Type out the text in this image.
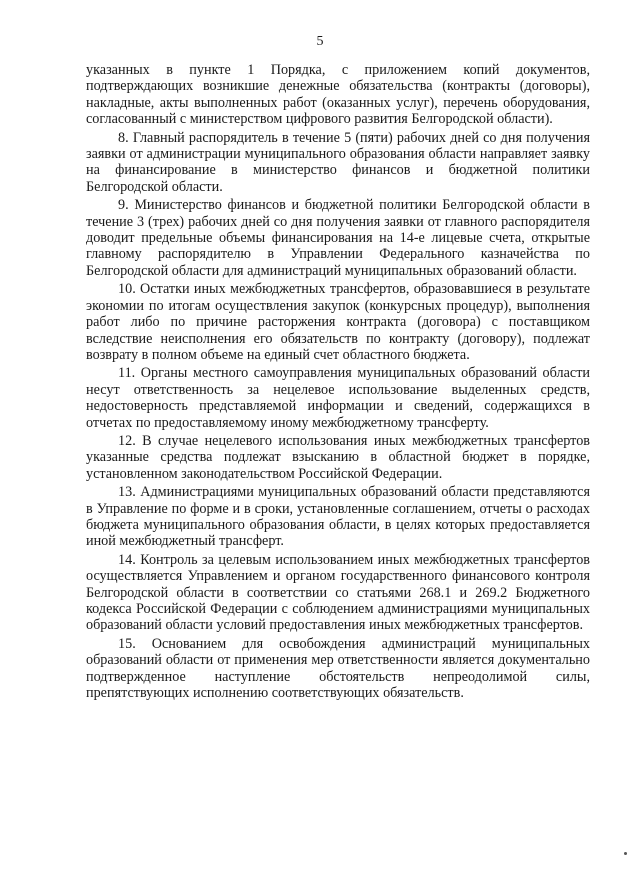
5

указанных в пункте 1 Порядка, с приложением копий документов, подтверждающих возникшие денежные обязательства (контракты (договоры), накладные, акты выполненных работ (оказанных услуг), перечень оборудования, согласованный с министерством цифрового развития Белгородской области).

8. Главный распорядитель в течение 5 (пяти) рабочих дней со дня получения заявки от администрации муниципального образования области направляет заявку на финансирование в министерство финансов и бюджетной политики Белгородской области.

9. Министерство финансов и бюджетной политики Белгородской области в течение 3 (трех) рабочих дней со дня получения заявки от главного распорядителя доводит предельные объемы финансирования на 14-е лицевые счета, открытые главному распорядителю в Управлении Федерального казначейства по Белгородской области для администраций муниципальных образований области.

10. Остатки иных межбюджетных трансфертов, образовавшиеся в результате экономии по итогам осуществления закупок (конкурсных процедур), выполнения работ либо по причине расторжения контракта (договора) с поставщиком вследствие неисполнения его обязательств по контракту (договору), подлежат возврату в полном объеме на единый счет областного бюджета.

11. Органы местного самоуправления муниципальных образований области несут ответственность за нецелевое использование выделенных средств, недостоверность представляемой информации и сведений, содержащихся в отчетах по предоставляемому иному межбюджетному трансферту.

12. В случае нецелевого использования иных межбюджетных трансфертов указанные средства подлежат взысканию в областной бюджет в порядке, установленном законодательством Российской Федерации.

13. Администрациями муниципальных образований области представляются в Управление по форме и в сроки, установленные соглашением, отчеты о расходах бюджета муниципального образования области, в целях которых предоставляется иной межбюджетный трансферт.

14. Контроль за целевым использованием иных межбюджетных трансфертов осуществляется Управлением и органом государственного финансового контроля Белгородской области в соответствии со статьями 268.1 и 269.2 Бюджетного кодекса Российской Федерации с соблюдением администрациями муниципальных образований области условий предоставления иных межбюджетных трансфертов.

15. Основанием для освобождения администраций муниципальных образований области от применения мер ответственности является документально подтвержденное наступление обстоятельств непреодолимой силы, препятствующих исполнению соответствующих обязательств.
